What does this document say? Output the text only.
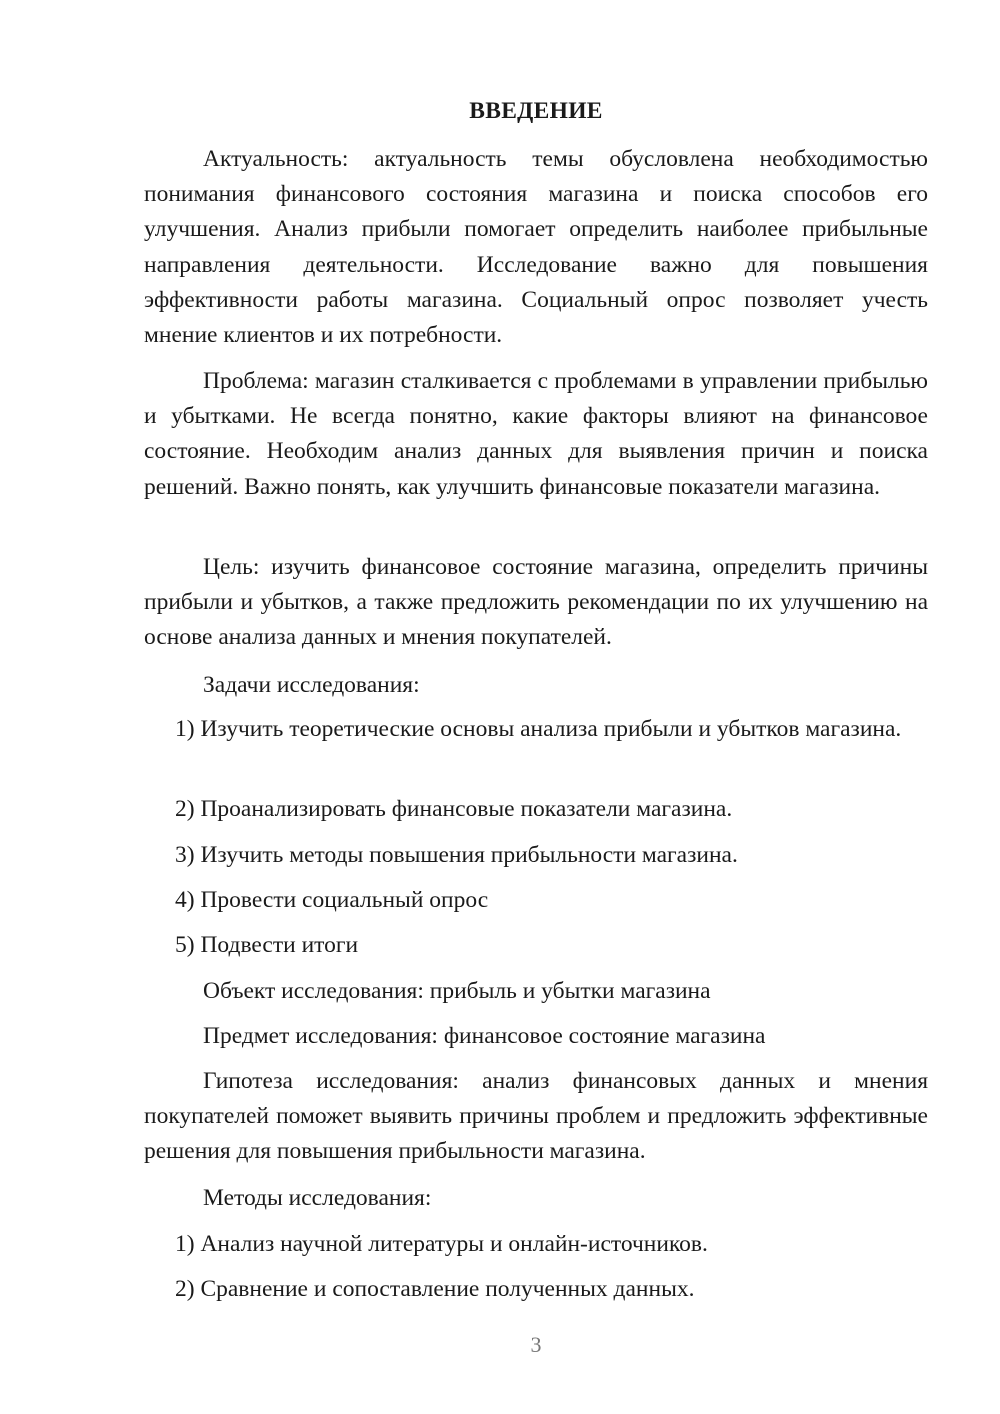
ВВЕДЕНИЕ

Актуальность: актуальность темы обусловлена необходимостью понимания финансового состояния магазина и поиска способов его улучшения. Анализ прибыли помогает определить наиболее прибыльные направления деятельности. Исследование важно для повышения эффективности работы магазина. Социальный опрос позволяет учесть мнение клиентов и их потребности.

Проблема: магазин сталкивается с проблемами в управлении прибылью и убытками. Не всегда понятно, какие факторы влияют на финансовое состояние. Необходим анализ данных для выявления причин и поиска решений. Важно понять, как улучшить финансовые показатели магазина.

Цель: изучить финансовое состояние магазина, определить причины прибыли и убытков, а также предложить рекомендации по их улучшению на основе анализа данных и мнения покупателей.

Задачи исследования:

1) Изучить теоретические основы анализа прибыли и убытков магазина.

2) Проанализировать финансовые показатели магазина.

3) Изучить методы повышения прибыльности магазина.

4) Провести социальный опрос

5) Подвести итоги

Объект исследования: прибыль и убытки магазина

Предмет исследования: финансовое состояние магазина

Гипотеза исследования: анализ финансовых данных и мнения покупателей поможет выявить причины проблем и предложить эффективные решения для повышения прибыльности магазина.

Методы исследования:

1) Анализ научной литературы и онлайн-источников.

2) Сравнение и сопоставление полученных данных.

3
